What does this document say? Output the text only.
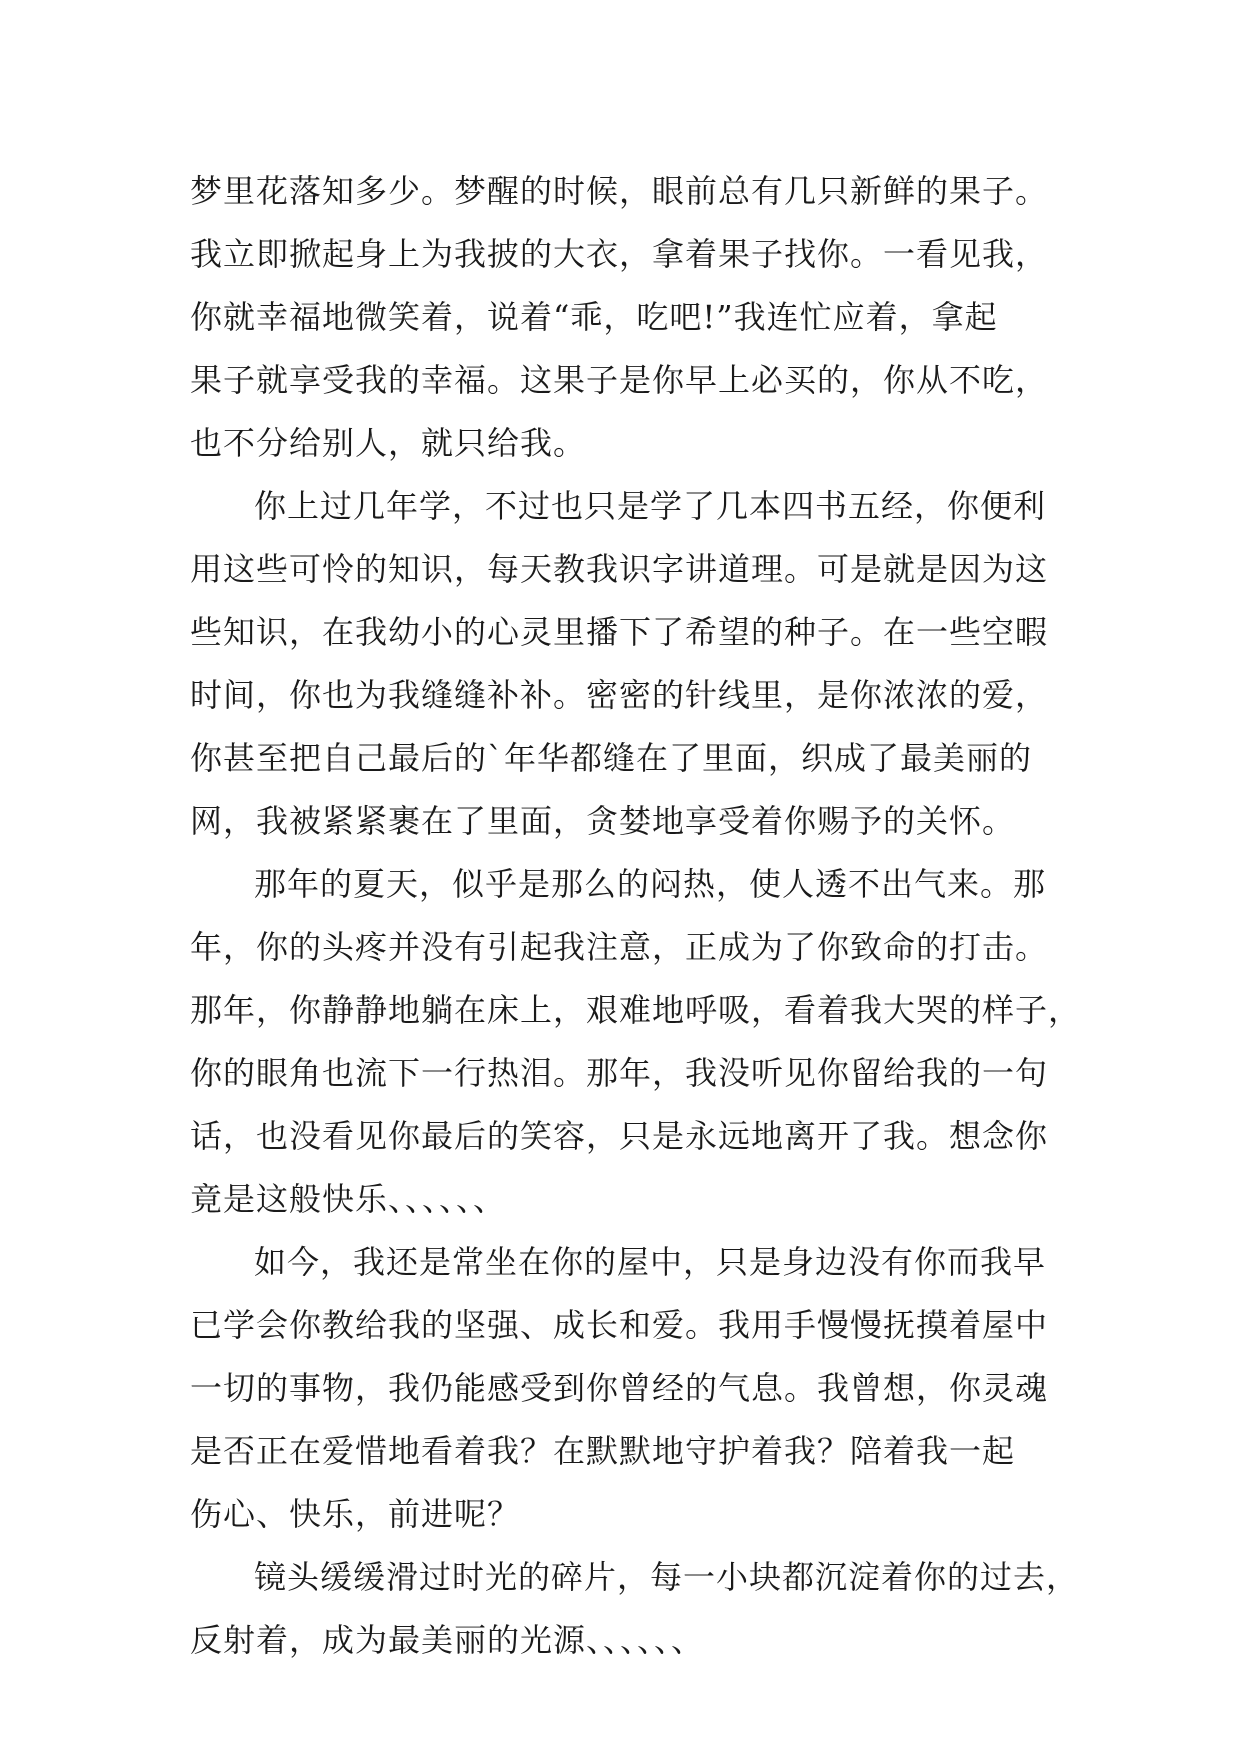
梦里花落知多少。梦醒的时候，眼前总有几只新鲜的果子。
我立即掀起身上为我披的大衣，拿着果子找你。一看见我，
你就幸福地微笑着，说着“乖，吃吧!”我连忙应着，拿起
果子就享受我的幸福。这果子是你早上必买的，你从不吃，
也不分给别人，就只给我。

你上过几年学，不过也只是学了几本四书五经，你便利
用这些可怜的知识，每天教我识字讲道理。可是就是因为这
些知识，在我幼小的心灵里播下了希望的种子。在一些空暇
时间，你也为我缝缝补补。密密的针线里，是你浓浓的爱，
你甚至把自己最后的`年华都缝在了里面，织成了最美丽的
网，我被紧紧裹在了里面，贪婪地享受着你赐予的关怀。

那年的夏天，似乎是那么的闷热，使人透不出气来。那
年，你的头疼并没有引起我注意，正成为了你致命的打击。
那年，你静静地躺在床上，艰难地呼吸，看着我大哭的样子，
你的眼角也流下一行热泪。那年，我没听见你留给我的一句
话，也没看见你最后的笑容，只是永远地离开了我。想念你
竟是这般快乐、、、、、、

如今，我还是常坐在你的屋中，只是身边没有你而我早
已学会你教给我的坚强、成长和爱。我用手慢慢抚摸着屋中
一切的事物，我仍能感受到你曾经的气息。我曾想，你灵魂
是否正在爱惜地看着我？在默默地守护着我？陪着我一起
伤心、快乐，前进呢？

镜头缓缓滑过时光的碎片，每一小块都沉淀着你的过去，
反射着，成为最美丽的光源、、、、、、
